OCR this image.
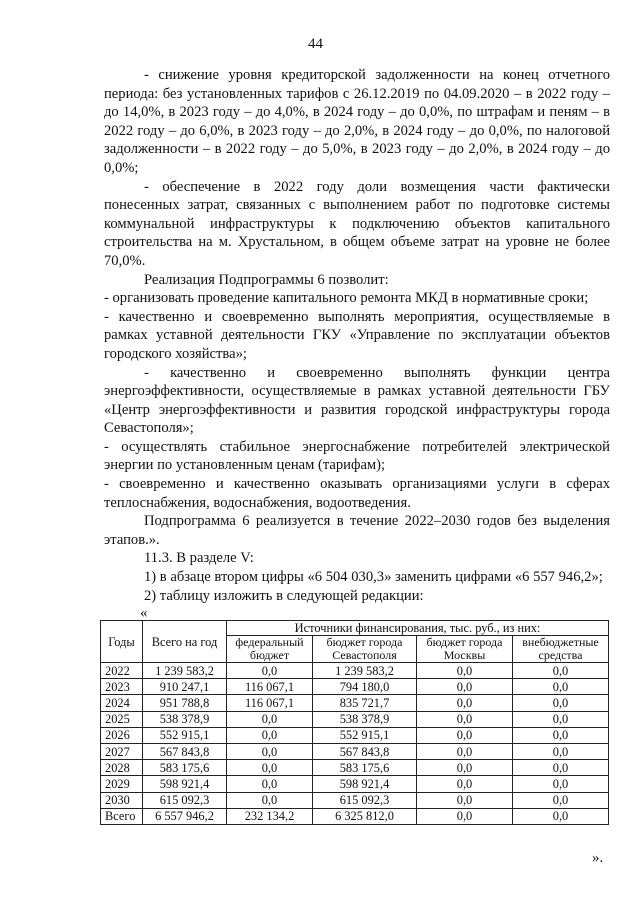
44

- снижение уровня кредиторской задолженности на конец отчетного периода: без установленных тарифов с 26.12.2019 по 04.09.2020 – в 2022 году – до 14,0%, в 2023 году – до 4,0%, в 2024 году – до 0,0%, по штрафам и пеням – в 2022 году – до 6,0%, в 2023 году – до 2,0%, в 2024 году – до 0,0%, по налоговой задолженности – в 2022 году – до 5,0%, в 2023 году – до 2,0%, в 2024 году – до 0,0%;

- обеспечение в 2022 году доли возмещения части фактически понесенных затрат, связанных с выполнением работ по подготовке системы коммунальной инфраструктуры к подключению объектов капитального строительства на м. Хрустальном, в общем объеме затрат на уровне не более 70,0%.

Реализация Подпрограммы 6 позволит:

- организовать проведение капитального ремонта МКД в нормативные сроки;

- качественно и своевременно выполнять мероприятия, осуществляемые в рамках уставной деятельности ГКУ «Управление по эксплуатации объектов городского хозяйства»;

- качественно и своевременно выполнять функции центра энергоэффективности, осуществляемые в рамках уставной деятельности ГБУ «Центр энергоэффективности и развития городской инфраструктуры города Севастополя»;

- осуществлять стабильное энергоснабжение потребителей электрической энергии по установленным ценам (тарифам);

- своевременно и качественно оказывать организациями услуги в сферах теплоснабжения, водоснабжения, водоотведения.

Подпрограмма 6 реализуется в течение 2022–2030 годов без выделения этапов.».

11.3. В разделе V:

1) в абзаце втором цифры «6 504 030,3» заменить цифрами «6 557 946,2»;

2) таблицу изложить в следующей редакции:

«
Годы	Всего на год	Источники финансирования, тыс. руб., из них:			
		федеральный бюджет	бюджет города Севастополя	бюджет города Москвы	внебюджетные средства
2022	1 239 583,2	0,0	1 239 583,2	0,0	0,0
2023	910 247,1	116 067,1	794 180,0	0,0	0,0
2024	951 788,8	116 067,1	835 721,7	0,0	0,0
2025	538 378,9	0,0	538 378,9	0,0	0,0
2026	552 915,1	0,0	552 915,1	0,0	0,0
2027	567 843,8	0,0	567 843,8	0,0	0,0
2028	583 175,6	0,0	583 175,6	0,0	0,0
2029	598 921,4	0,0	598 921,4	0,0	0,0
2030	615 092,3	0,0	615 092,3	0,0	0,0
Всего	6 557 946,2	232 134,2	6 325 812,0	0,0	0,0
».
